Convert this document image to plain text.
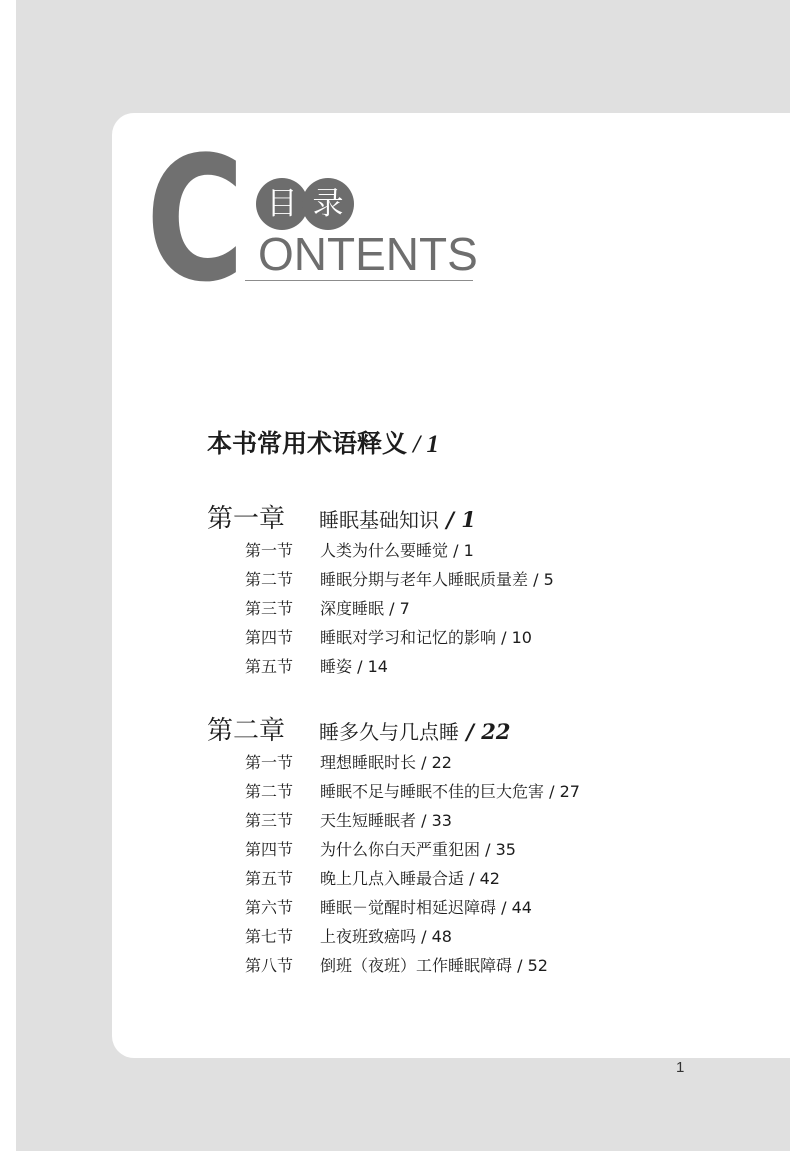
C 目 录
ONTENTS
本书常用术语释义 / 1
第一章 睡眠基础知识 / 1
第一节 人类为什么要睡觉 / 1
第二节 睡眠分期与老年人睡眠质量差 / 5
第三节 深度睡眠 / 7
第四节 睡眠对学习和记忆的影响 / 10
第五节 睡姿 / 14
第二章 睡多久与几点睡 / 22
第一节 理想睡眠时长 / 22
第二节 睡眠不足与睡眠不佳的巨大危害 / 27
第三节 天生短睡眠者 / 33
第四节 为什么你白天严重犯困 / 35
第五节 晚上几点入睡最合适 / 42
第六节 睡眠－觉醒时相延迟障碍 / 44
第七节 上夜班致癌吗 / 48
第八节 倒班（夜班）工作睡眠障碍 / 52
1
